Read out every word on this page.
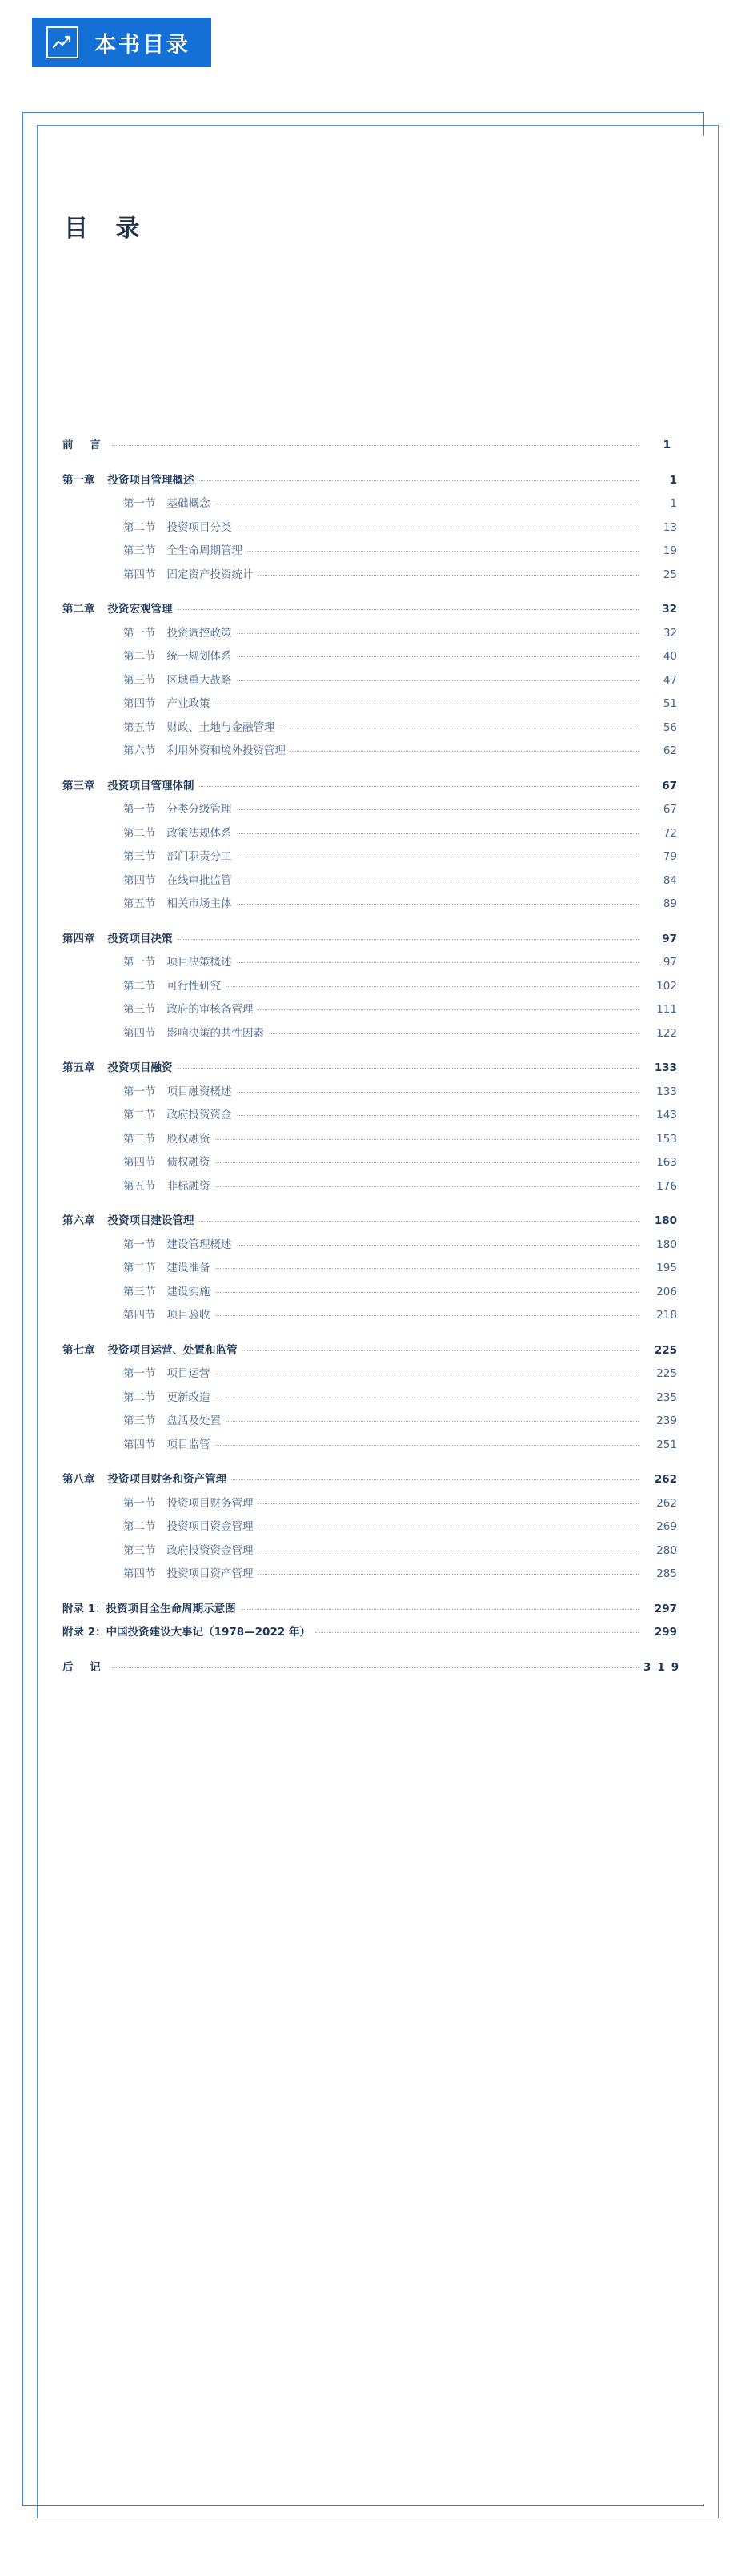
本书目录
目 录
前 言	1
第一章 投资项目管理概述	1
第一节 基础概念	1
第二节 投资项目分类	13
第三节 全生命周期管理	19
第四节 固定资产投资统计	25
第二章 投资宏观管理	32
第一节 投资调控政策	32
第二节 统一规划体系	40
第三节 区域重大战略	47
第四节 产业政策	51
第五节 财政、土地与金融管理	56
第六节 利用外资和境外投资管理	62
第三章 投资项目管理体制	67
第一节 分类分级管理	67
第二节 政策法规体系	72
第三节 部门职责分工	79
第四节 在线审批监管	84
第五节 相关市场主体	89
第四章 投资项目决策	97
第一节 项目决策概述	97
第二节 可行性研究	102
第三节 政府的审核备管理	111
第四节 影响决策的共性因素	122
第五章 投资项目融资	133
第一节 项目融资概述	133
第二节 政府投资资金	143
第三节 股权融资	153
第四节 债权融资	163
第五节 非标融资	176
第六章 投资项目建设管理	180
第一节 建设管理概述	180
第二节 建设准备	195
第三节 建设实施	206
第四节 项目验收	218
第七章 投资项目运营、处置和监管	225
第一节 项目运营	225
第二节 更新改造	235
第三节 盘活及处置	239
第四节 项目监管	251
第八章 投资项目财务和资产管理	262
第一节 投资项目财务管理	262
第二节 投资项目资金管理	269
第三节 政府投资资金管理	280
第四节 投资项目资产管理	285
附录 1：投资项目全生命周期示意图	297
附录 2：中国投资建设大事记（1978—2022 年）	299
后 记	319
